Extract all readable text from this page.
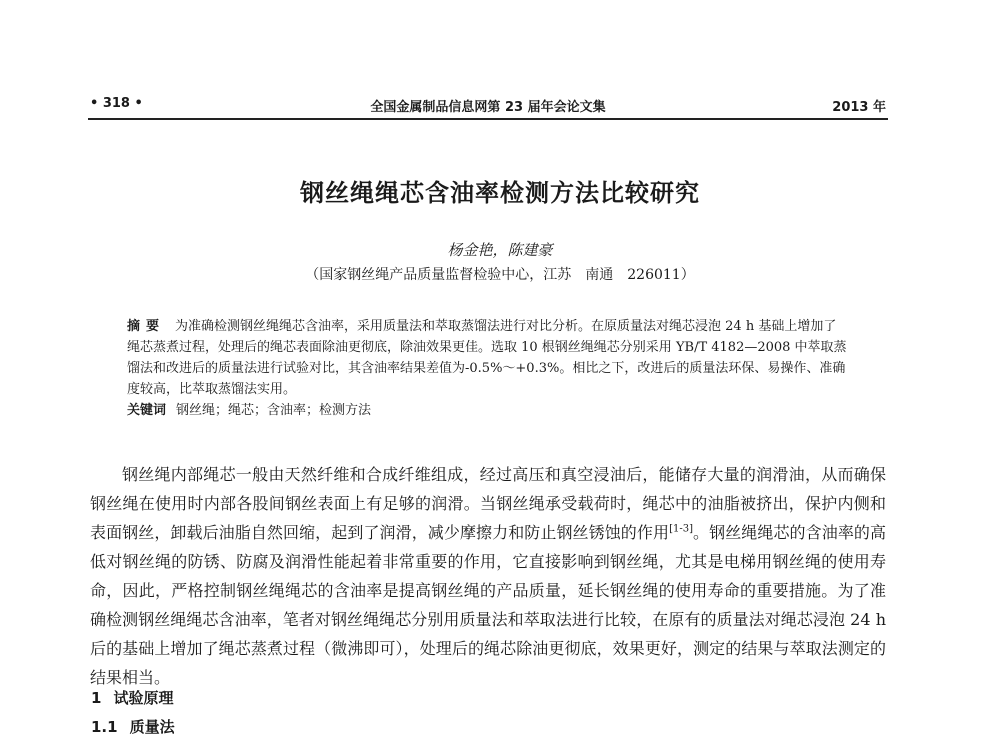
• 318 •	全国金属制品信息网第 23 届年会论文集	2013 年
钢丝绳绳芯含油率检测方法比较研究
杨金艳，陈建豪
（国家钢丝绳产品质量监督检验中心，江苏　南通　226011）

摘要 为准确检测钢丝绳绳芯含油率，采用质量法和萃取蒸馏法进行对比分析。在原质量法对绳芯浸泡 24 h 基础上增加了绳芯蒸煮过程，处理后的绳芯表面除油更彻底，除油效果更佳。选取 10 根钢丝绳绳芯分别采用 YB/T 4182—2008 中萃取蒸馏法和改进后的质量法进行试验对比，其含油率结果差值为-0.5%～+0.3%。相比之下，改进后的质量法环保、易操作、准确度较高，比萃取蒸馏法实用。

关键词 钢丝绳；绳芯；含油率；检测方法

钢丝绳内部绳芯一般由天然纤维和合成纤维组成，经过高压和真空浸油后，能储存大量的润滑油，从而确保钢丝绳在使用时内部各股间钢丝表面上有足够的润滑。当钢丝绳承受载荷时，绳芯中的油脂被挤出，保护内侧和表面钢丝，卸载后油脂自然回缩，起到了润滑，减少摩擦力和防止钢丝锈蚀的作用[1-3]。钢丝绳绳芯的含油率的高低对钢丝绳的防锈、防腐及润滑性能起着非常重要的作用，它直接影响到钢丝绳，尤其是电梯用钢丝绳的使用寿命，因此，严格控制钢丝绳绳芯的含油率是提高钢丝绳的产品质量，延长钢丝绳的使用寿命的重要措施。为了准确检测钢丝绳绳芯含油率，笔者对钢丝绳绳芯分别用质量法和萃取法进行比较，在原有的质量法对绳芯浸泡 24 h 后的基础上增加了绳芯蒸煮过程（微沸即可），处理后的绳芯除油更彻底，效果更好，测定的结果与萃取法测定的结果相当。

1 试验原理
1.1 质量法
